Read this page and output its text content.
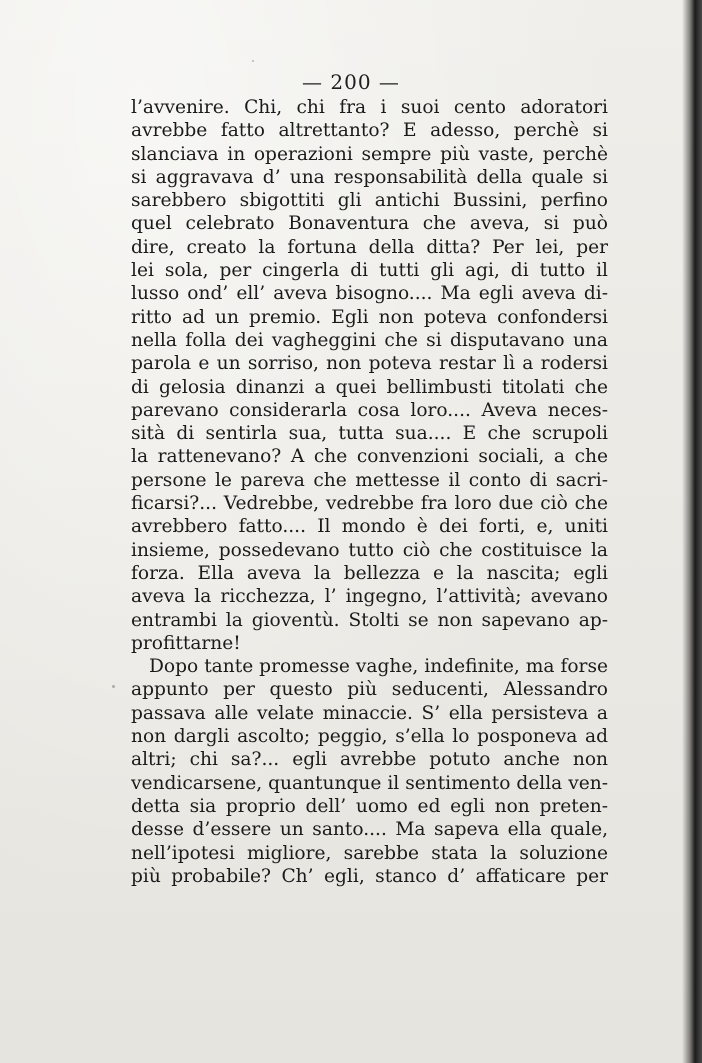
— 200 —
l’avvenire. Chi, chi fra i suoi cento adoratori
avrebbe fatto altrettanto? E adesso, perchè si
slanciava in operazioni sempre più vaste, perchè
si aggravava d’ una responsabilità della quale si
sarebbero sbigottiti gli antichi Bussini, perfino
quel celebrato Bonaventura che aveva, si può
dire, creato la fortuna della ditta? Per lei, per
lei sola, per cingerla di tutti gli agi, di tutto il
lusso ond’ ell’ aveva bisogno.... Ma egli aveva di-
ritto ad un premio. Egli non poteva confondersi
nella folla dei vagheggini che si disputavano una
parola e un sorriso, non poteva restar lì a rodersi
di gelosia dinanzi a quei bellimbusti titolati che
parevano considerarla cosa loro.... Aveva neces-
sità di sentirla sua, tutta sua.... E che scrupoli
la rattenevano? A che convenzioni sociali, a che
persone le pareva che mettesse il conto di sacri-
ficarsi?... Vedrebbe, vedrebbe fra loro due ciò che
avrebbero fatto.... Il mondo è dei forti, e, uniti
insieme, possedevano tutto ciò che costituisce la
forza. Ella aveva la bellezza e la nascita; egli
aveva la ricchezza, l’ ingegno, l’attività; avevano
entrambi la gioventù. Stolti se non sapevano ap-
profittarne!
Dopo tante promesse vaghe, indefinite, ma forse
appunto per questo più seducenti, Alessandro
passava alle velate minaccie. S’ ella persisteva a
non dargli ascolto; peggio, s’ella lo posponeva ad
altri; chi sa?... egli avrebbe potuto anche non
vendicarsene, quantunque il sentimento della ven-
detta sia proprio dell’ uomo ed egli non preten-
desse d’essere un santo.... Ma sapeva ella quale,
nell’ipotesi migliore, sarebbe stata la soluzione
più probabile? Ch’ egli, stanco d’ affaticare per
